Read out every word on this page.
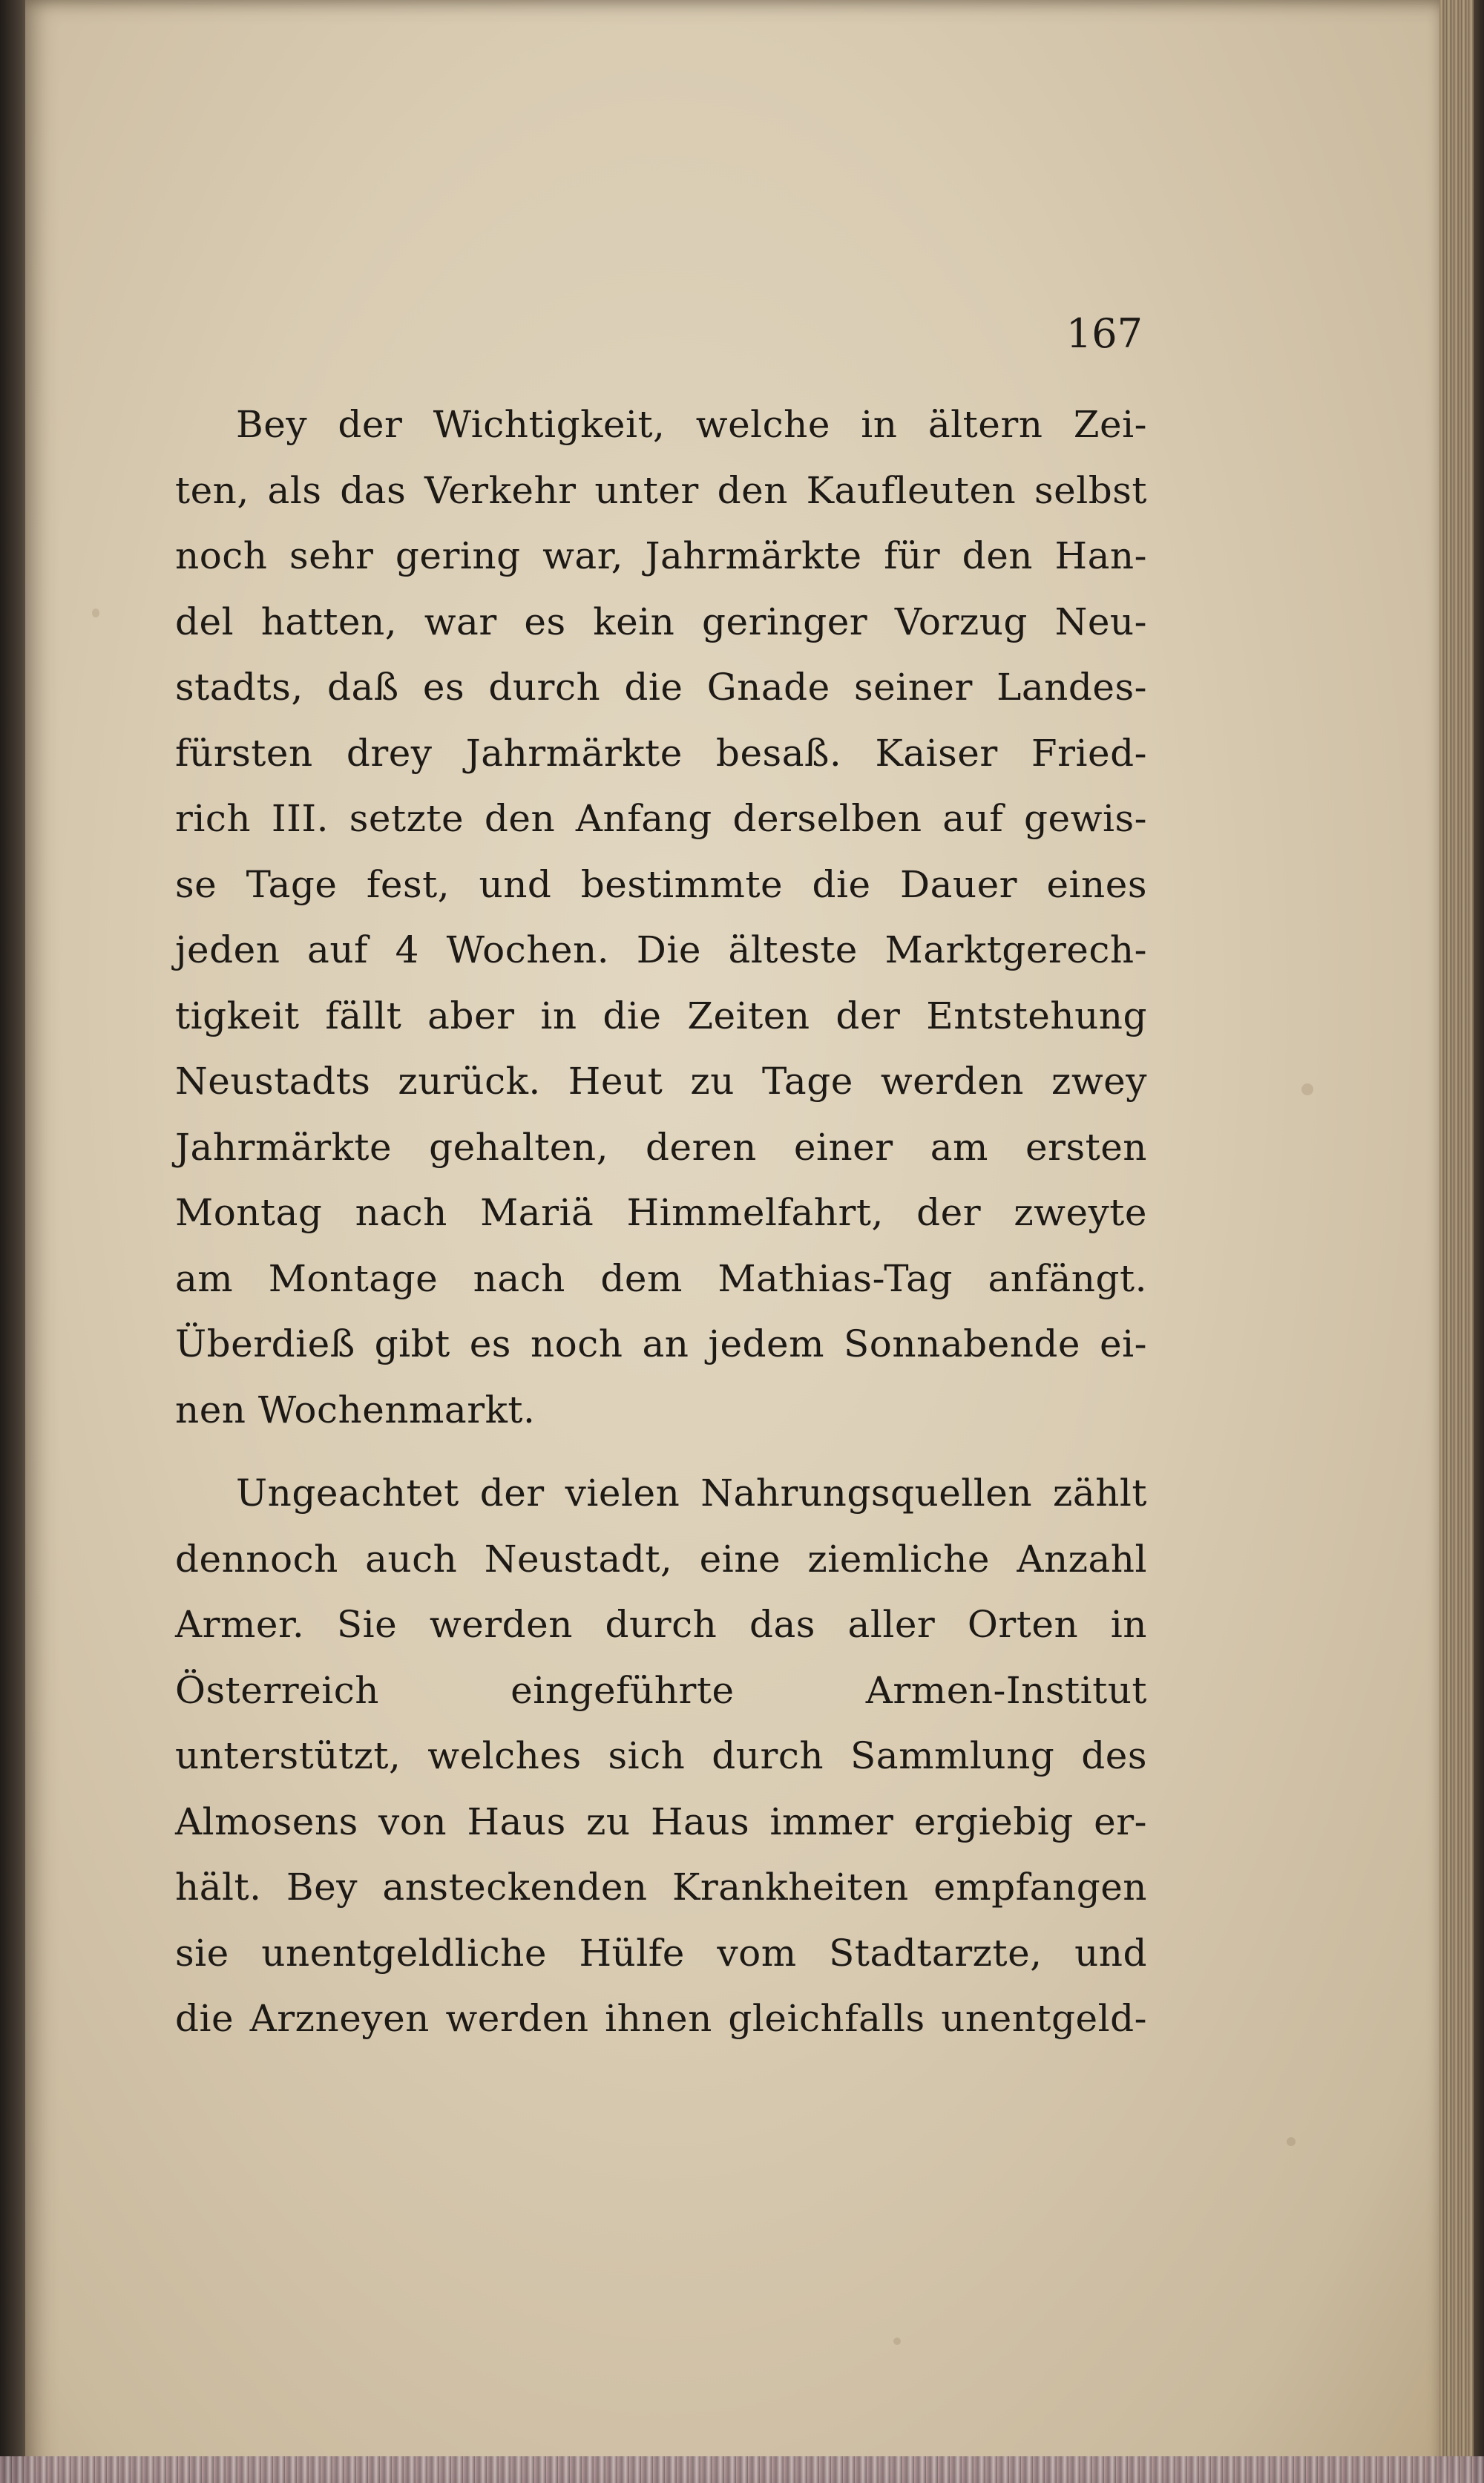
167
Bey der Wichtigkeit, welche in ältern Zei-
ten, als das Verkehr unter den Kaufleuten selbst
noch sehr gering war, Jahrmärkte für den Han-
del hatten, war es kein geringer Vorzug Neu-
stadts, daß es durch die Gnade seiner Landes-
fürsten drey Jahrmärkte besaß. Kaiser Fried-
rich III. setzte den Anfang derselben auf gewis-
se Tage fest, und bestimmte die Dauer eines
jeden auf 4 Wochen. Die älteste Marktgerech-
tigkeit fällt aber in die Zeiten der Entstehung
Neustadts zurück. Heut zu Tage werden zwey
Jahrmärkte gehalten, deren einer am ersten
Montag nach Mariä Himmelfahrt, der zweyte
am Montage nach dem Mathias-Tag anfängt.
Überdieß gibt es noch an jedem Sonnabende ei-
nen Wochenmarkt.
Ungeachtet der vielen Nahrungsquellen zählt
dennoch auch Neustadt, eine ziemliche Anzahl
Armer. Sie werden durch das aller Orten in
Österreich eingeführte Armen-Institut
unterstützt, welches sich durch Sammlung des
Almosens von Haus zu Haus immer ergiebig er-
hält. Bey ansteckenden Krankheiten empfangen
sie unentgeldliche Hülfe vom Stadtarzte, und
die Arzneyen werden ihnen gleichfalls unentgeld-
